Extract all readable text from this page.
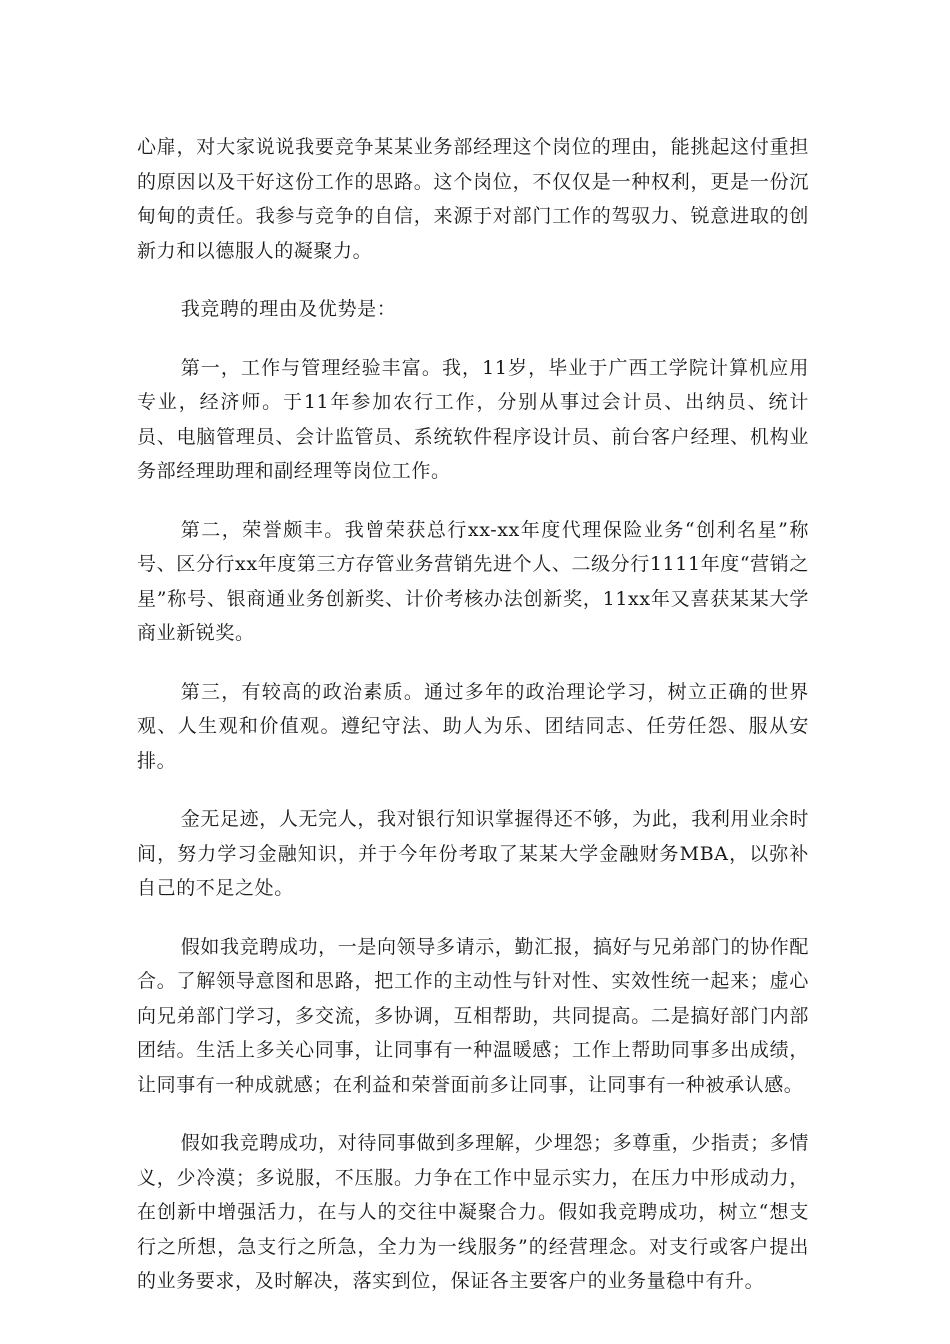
心扉，对大家说说我要竞争某某业务部经理这个岗位的理由，能挑起这付重担的原因以及干好这份工作的思路。这个岗位，不仅仅是一种权利，更是一份沉甸甸的责任。我参与竞争的自信，来源于对部门工作的驾驭力、锐意进取的创新力和以德服人的凝聚力。

我竞聘的理由及优势是：

第一，工作与管理经验丰富。我，11岁，毕业于广西工学院计算机应用专业，经济师。于11年参加农行工作，分别从事过会计员、出纳员、统计员、电脑管理员、会计监管员、系统软件程序设计员、前台客户经理、机构业务部经理助理和副经理等岗位工作。

第二，荣誉颇丰。我曾荣获总行xx-xx年度代理保险业务“创利名星”称号、区分行xx年度第三方存管业务营销先进个人、二级分行1111年度“营销之星”称号、银商通业务创新奖、计价考核办法创新奖，11xx年又喜获某某大学商业新锐奖。

第三，有较高的政治素质。通过多年的政治理论学习，树立正确的世界观、人生观和价值观。遵纪守法、助人为乐、团结同志、任劳任怨、服从安排。

金无足迹，人无完人，我对银行知识掌握得还不够，为此，我利用业余时间，努力学习金融知识，并于今年份考取了某某大学金融财务MBA，以弥补自己的不足之处。

假如我竞聘成功，一是向领导多请示，勤汇报，搞好与兄弟部门的协作配合。了解领导意图和思路，把工作的主动性与针对性、实效性统一起来；虚心向兄弟部门学习，多交流，多协调，互相帮助，共同提高。二是搞好部门内部团结。生活上多关心同事，让同事有一种温暖感；工作上帮助同事多出成绩，让同事有一种成就感；在利益和荣誉面前多让同事，让同事有一种被承认感。

假如我竞聘成功，对待同事做到多理解，少埋怨；多尊重，少指责；多情义，少冷漠；多说服，不压服。力争在工作中显示实力，在压力中形成动力，在创新中增强活力，在与人的交往中凝聚合力。假如我竞聘成功，树立“想支行之所想，急支行之所急，全力为一线服务”的经营理念。对支行或客户提出的业务要求，及时解决，落实到位，保证各主要客户的业务量稳中有升。
